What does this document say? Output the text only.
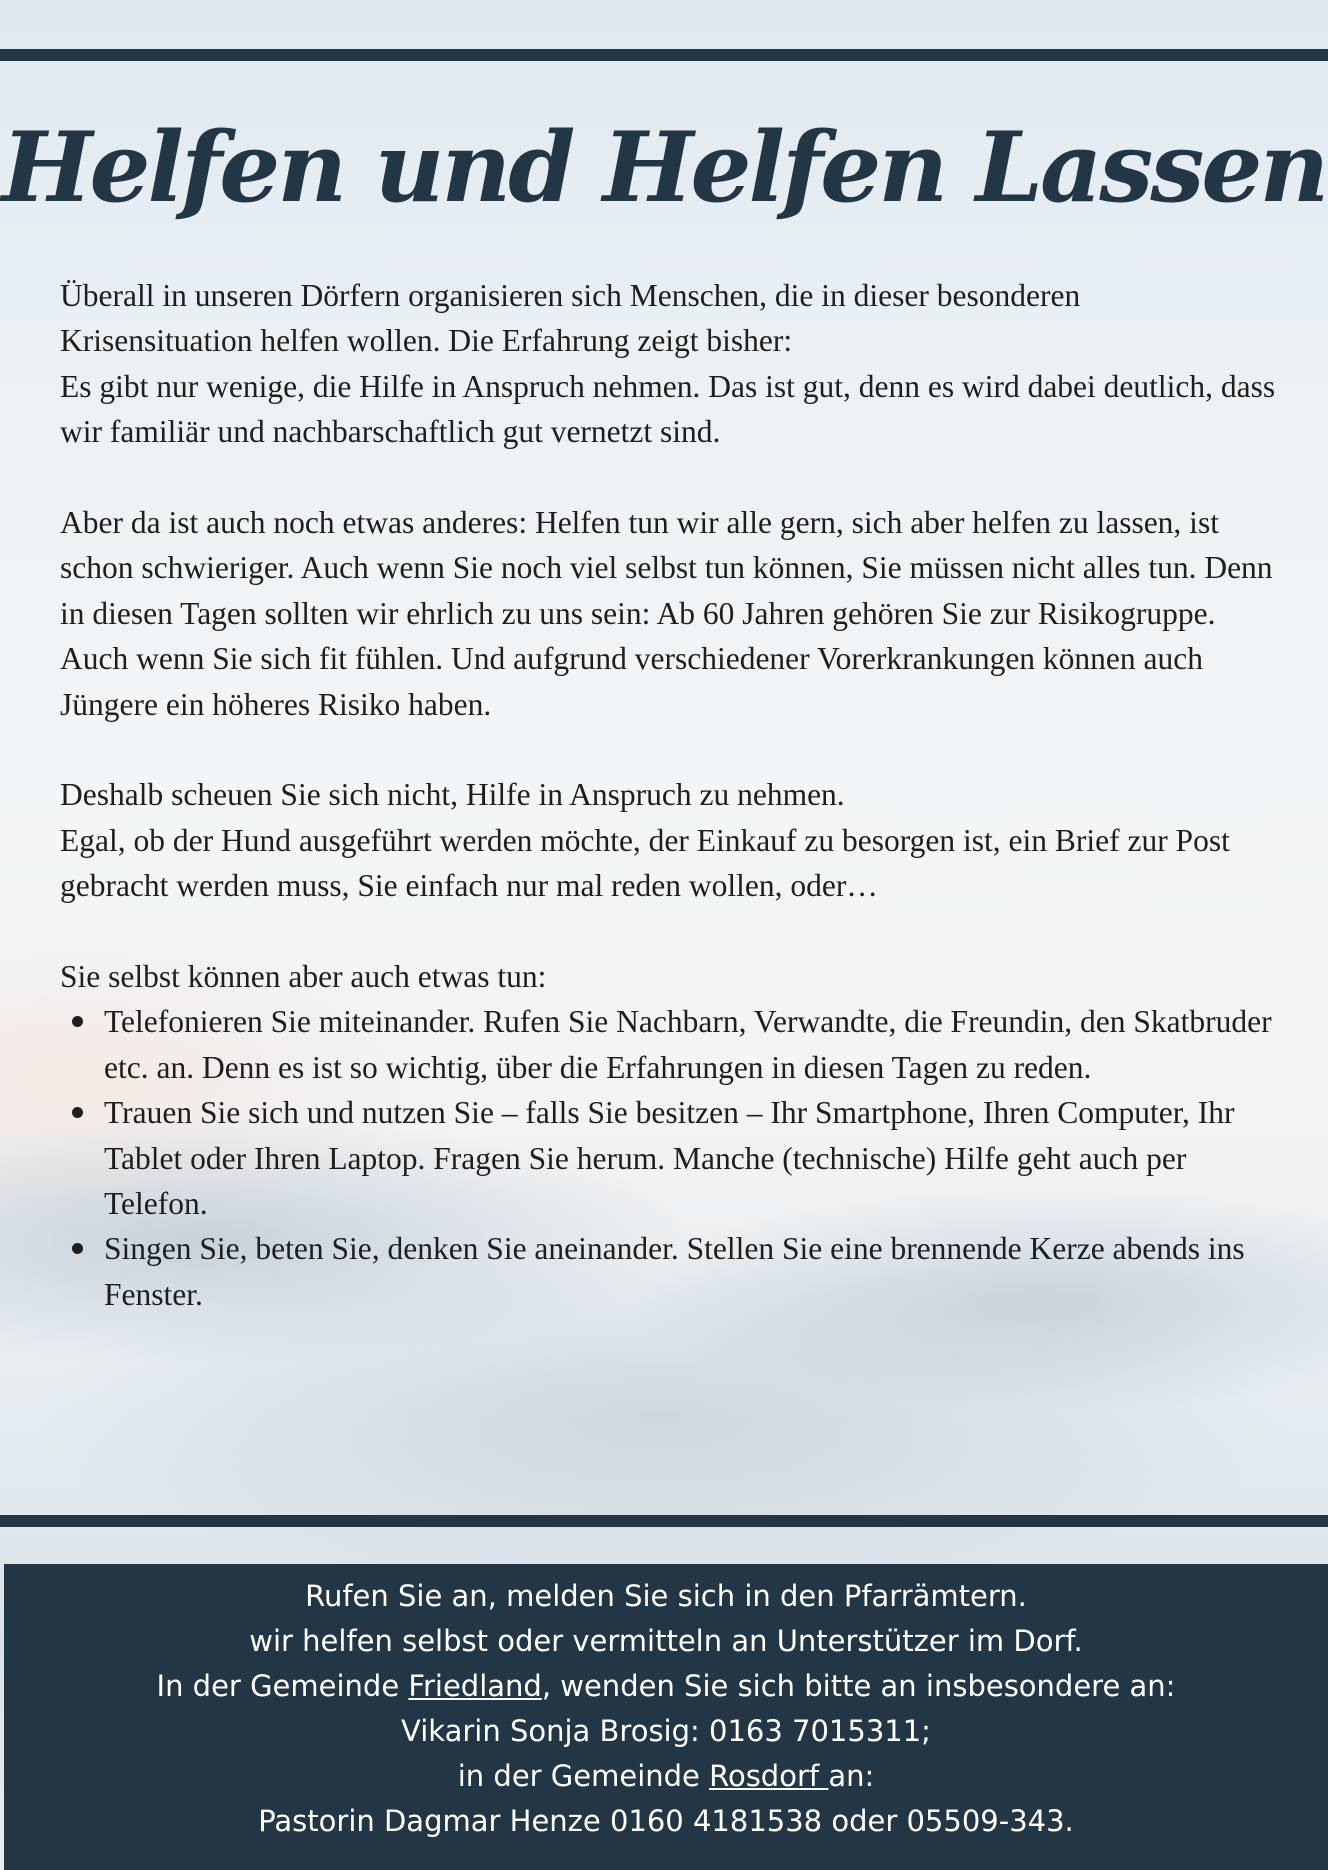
Helfen und Helfen Lassen

Überall in unseren Dörfern organisieren sich Menschen, die in dieser besonderen Krisensituation helfen wollen. Die Erfahrung zeigt bisher:

Es gibt nur wenige, die Hilfe in Anspruch nehmen. Das ist gut, denn es wird dabei deutlich, dass wir familiär und nachbarschaftlich gut vernetzt sind.

Aber da ist auch noch etwas anderes: Helfen tun wir alle gern, sich aber helfen zu lassen, ist schon schwieriger. Auch wenn Sie noch viel selbst tun können, Sie müssen nicht alles tun. Denn in diesen Tagen sollten wir ehrlich zu uns sein: Ab 60 Jahren gehören Sie zur Risikogruppe. Auch wenn Sie sich fit fühlen. Und aufgrund verschiedener Vorerkrankungen können auch Jüngere ein höheres Risiko haben.

Deshalb scheuen Sie sich nicht, Hilfe in Anspruch zu nehmen.

Egal, ob der Hund ausgeführt werden möchte, der Einkauf zu besorgen ist, ein Brief zur Post gebracht werden muss, Sie einfach nur mal reden wollen, oder…

Sie selbst können aber auch etwas tun:

Telefonieren Sie miteinander. Rufen Sie Nachbarn, Verwandte, die Freundin, den Skatbruder etc. an. Denn es ist so wichtig, über die Erfahrungen in diesen Tagen zu reden.
Trauen Sie sich und nutzen Sie – falls Sie besitzen – Ihr Smartphone, Ihren Computer, Ihr Tablet oder Ihren Laptop. Fragen Sie herum. Manche (technische) Hilfe geht auch per Telefon.
Singen Sie, beten Sie, denken Sie aneinander. Stellen Sie eine brennende Kerze abends ins Fenster.
Rufen Sie an, melden Sie sich in den Pfarrämtern.
wir helfen selbst oder vermitteln an Unterstützer im Dorf.
In der Gemeinde Friedland, wenden Sie sich bitte an insbesondere an:
Vikarin Sonja Brosig: 0163 7015311;
in der Gemeinde Rosdorf an:
Pastorin Dagmar Henze 0160 4181538 oder 05509-343.
